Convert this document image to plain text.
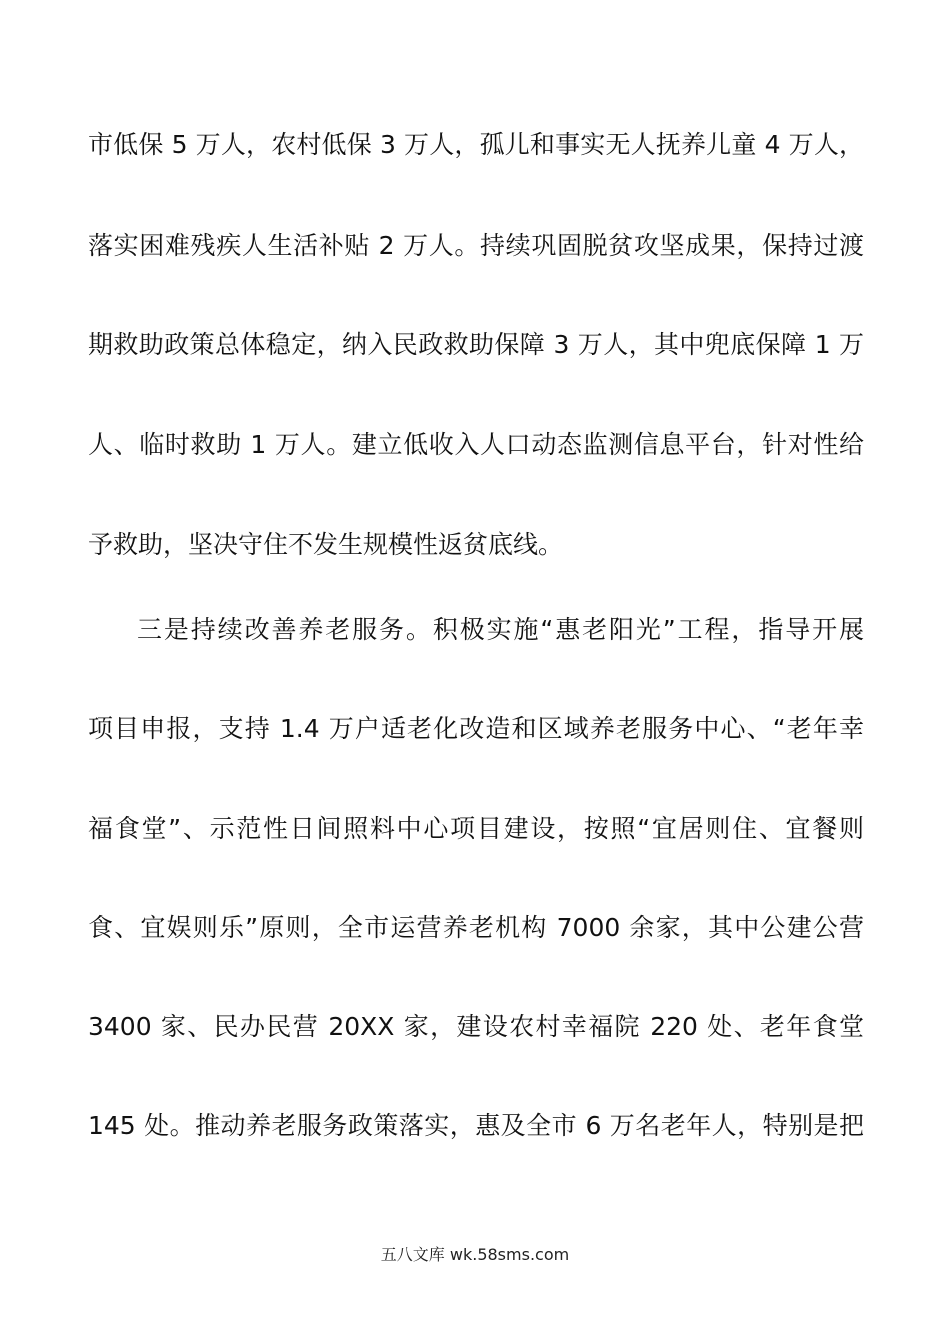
市低保 5 万人，农村低保 3 万人，孤儿和事实无人抚养儿童 4 万人，
落实困难残疾人生活补贴 2 万人。持续巩固脱贫攻坚成果，保持过渡
期救助政策总体稳定，纳入民政救助保障 3 万人，其中兜底保障 1 万
人、临时救助 1 万人。建立低收入人口动态监测信息平台，针对性给
予救助，坚决守住不发生规模性返贫底线。
三是持续改善养老服务。积极实施“惠老阳光”工程，指导开展
项目申报，支持 1.4 万户适老化改造和区域养老服务中心、“老年幸
福食堂”、示范性日间照料中心项目建设，按照“宜居则住、宜餐则
食、宜娱则乐”原则，全市运营养老机构 7000 余家，其中公建公营
3400 家、民办民营 20XX 家，建设农村幸福院 220 处、老年食堂
145 处。推动养老服务政策落实，惠及全市 6 万名老年人，特别是把
五八文库 wk.58sms.com
